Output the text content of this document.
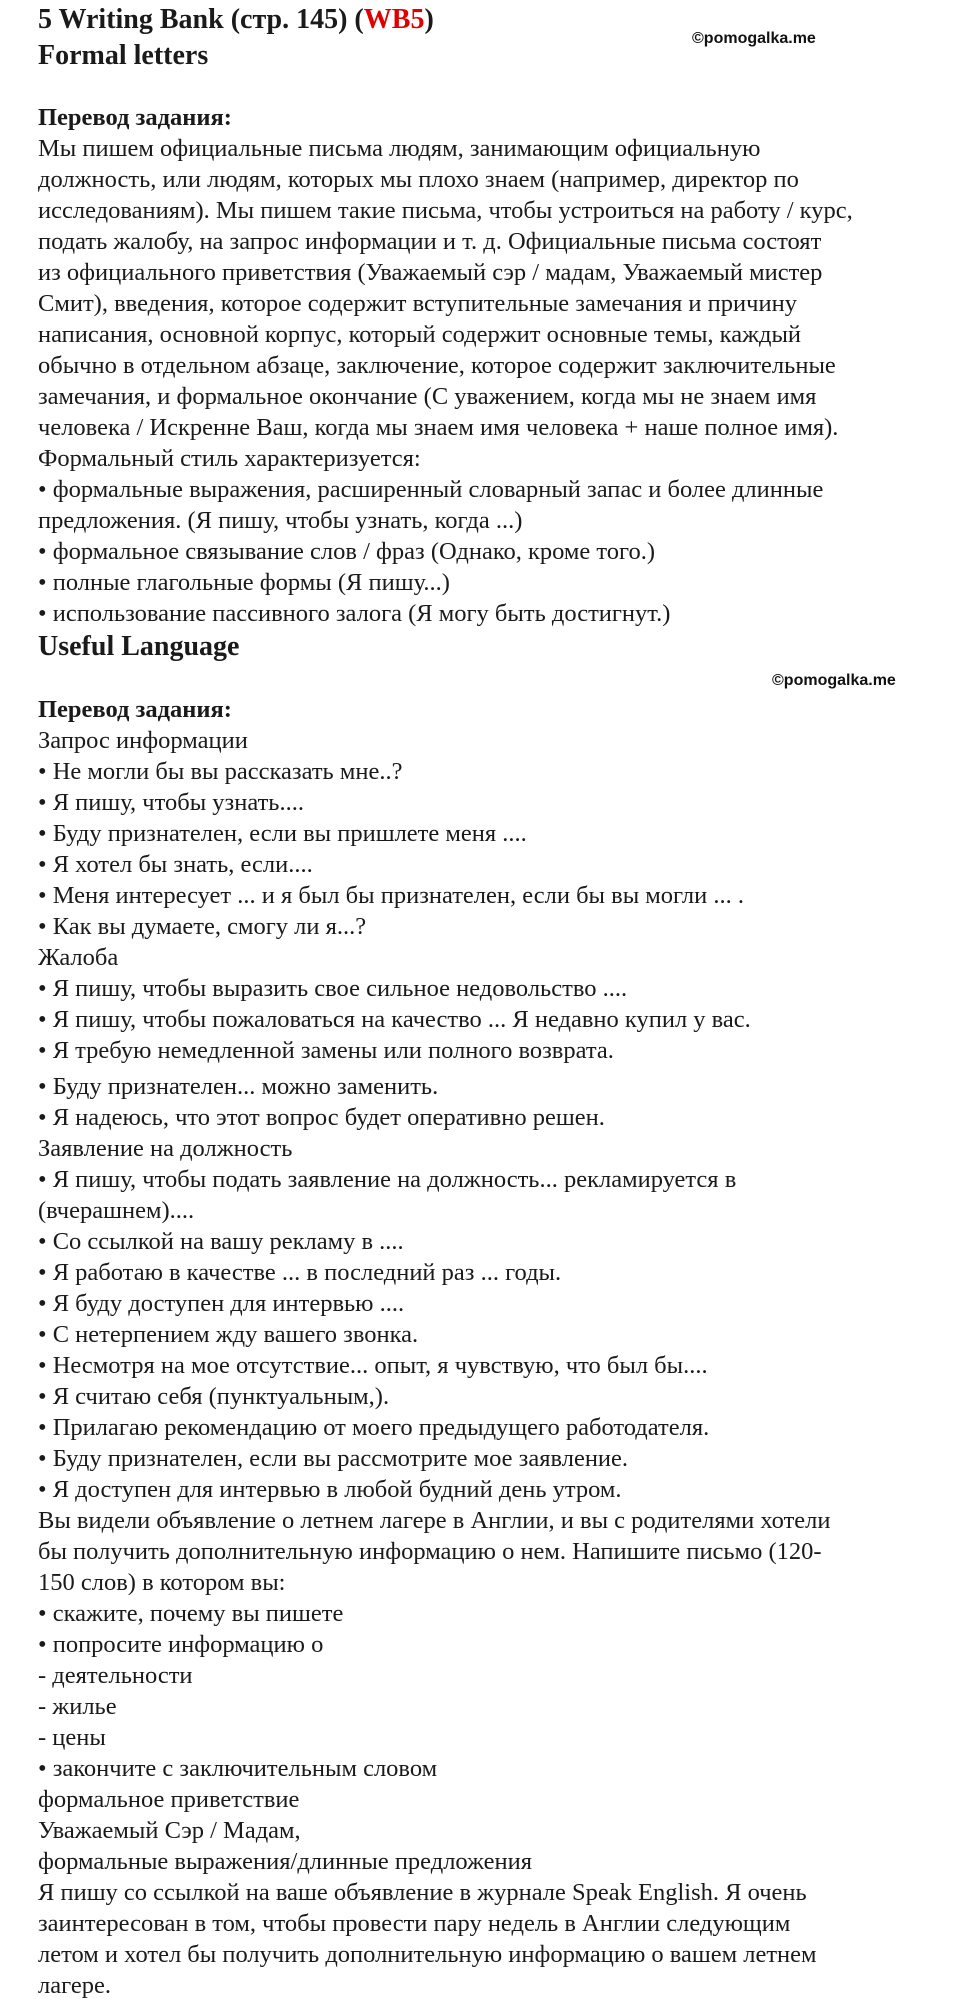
5 Writing Bank (стр. 145) (WB5)
Formal letters
©pomogalka.me

Перевод задания:

Мы пишем официальные письма людям, занимающим официальную

должность, или людям, которых мы плохо знаем (например, директор по

исследованиям). Мы пишем такие письма, чтобы устроиться на работу / курс,

подать жалобу, на запрос информации и т. д. Официальные письма состоят

из официального приветствия (Уважаемый сэр / мадам, Уважаемый мистер

Смит), введения, которое содержит вступительные замечания и причину

написания, основной корпус, который содержит основные темы, каждый

обычно в отдельном абзаце, заключение, которое содержит заключительные

замечания, и формальное окончание (С уважением, когда мы не знаем имя

человека / Искренне Ваш, когда мы знаем имя человека + наше полное имя).

Формальный стиль характеризуется:

• формальные выражения, расширенный словарный запас и более длинные

предложения. (Я пишу, чтобы узнать, когда ...)

• формальное связывание слов / фраз (Однако, кроме того.)

• полные глагольные формы (Я пишу...)

• использование пассивного залога (Я могу быть достигнут.)

Useful Language
©pomogalka.me

Перевод задания:

Запрос информации

• Не могли бы вы рассказать мне..?

• Я пишу, чтобы узнать....

• Буду признателен, если вы пришлете меня ....

• Я хотел бы знать, если....

• Меня интересует ... и я был бы признателен, если бы вы могли ... .

• Как вы думаете, смогу ли я...?

Жалоба

• Я пишу, чтобы выразить свое сильное недовольство ....

• Я пишу, чтобы пожаловаться на качество ... Я недавно купил у вас.

• Я требую немедленной замены или полного возврата.

• Буду признателен... можно заменить.

• Я надеюсь, что этот вопрос будет оперативно решен.

Заявление на должность

• Я пишу, чтобы подать заявление на должность... рекламируется в

(вчерашнем)....

• Со ссылкой на вашу рекламу в ....

• Я работаю в качестве ... в последний раз ... годы.

• Я буду доступен для интервью ....

• С нетерпением жду вашего звонка.

• Несмотря на мое отсутствие... опыт, я чувствую, что был бы....

• Я считаю себя (пунктуальным,).

• Прилагаю рекомендацию от моего предыдущего работодателя.

• Буду признателен, если вы рассмотрите мое заявление.

• Я доступен для интервью в любой будний день утром.

Вы видели объявление о летнем лагере в Англии, и вы с родителями хотели

бы получить дополнительную информацию о нем. Напишите письмо (120-

150 слов) в котором вы:

• скажите, почему вы пишете

• попросите информацию о

- деятельности

- жилье

- цены

• закончите с заключительным словом

формальное приветствие

Уважаемый Сэр / Мадам,

формальные выражения/длинные предложения

Я пишу со ссылкой на ваше объявление в журнале Speak English. Я очень

заинтересован в том, чтобы провести пару недель в Англии следующим

летом и хотел бы получить дополнительную информацию о вашем летнем

лагере.
